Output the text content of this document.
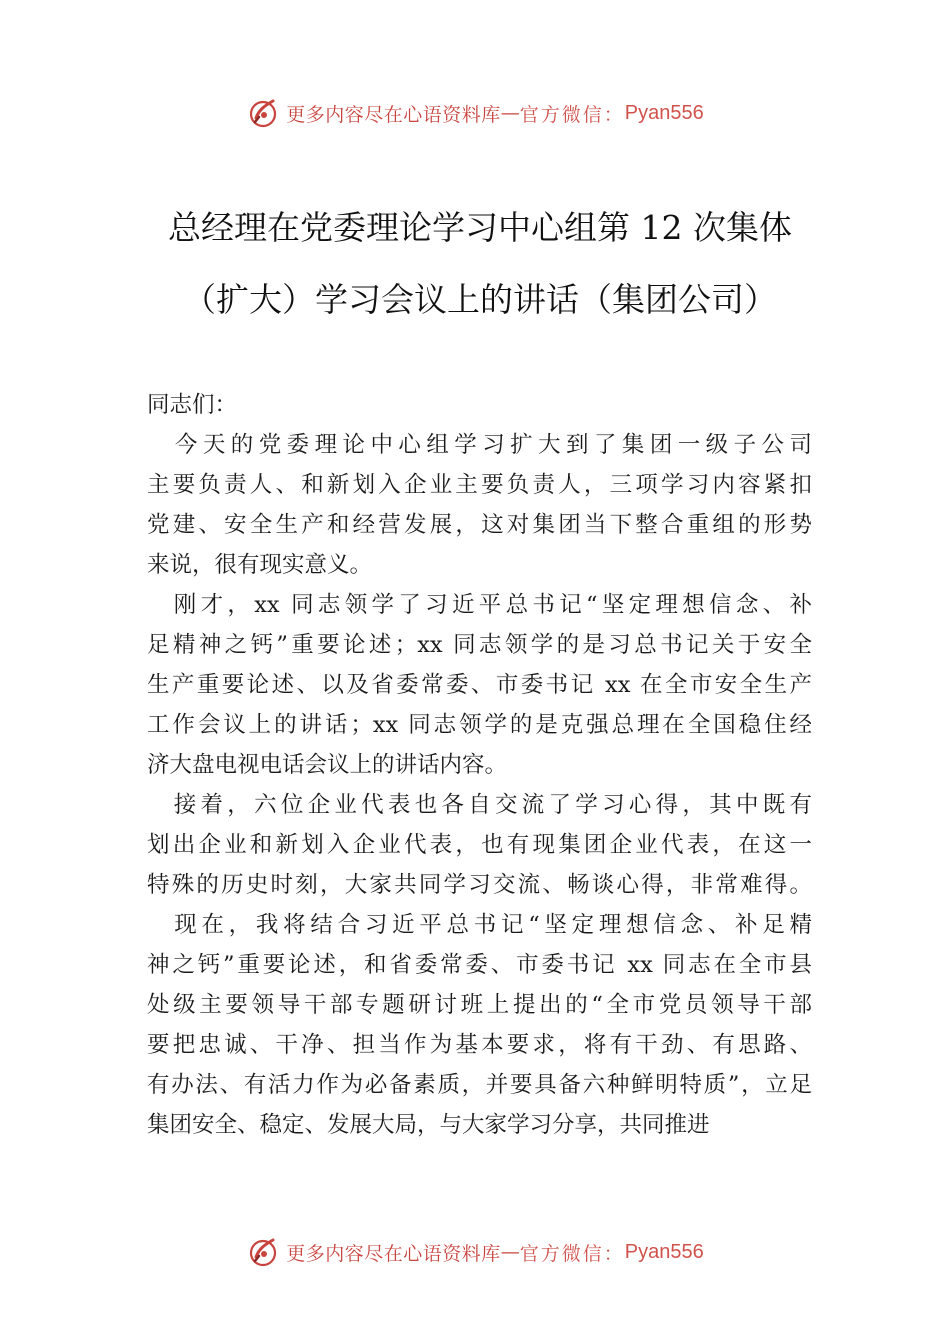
更多内容尽在心语资料库 — 官方微信： Pyan556
总经理在党委理论学习中心组第 12 次集体
（扩大）学习会议上的讲话（集团公司）
同志们：
　今天的党委理论中心组学习扩大到了集团一级子公司
主要负责人、和新划入企业主要负责人，三项学习内容紧扣
党建、安全生产和经营发展，这对集团当下整合重组的形势
来说，很有现实意义。
　刚才，xx 同志领学了习近平总书记“坚定理想信念、补
足精神之钙”重要论述；xx 同志领学的是习总书记关于安全
生产重要论述、以及省委常委、市委书记 xx 在全市安全生产
工作会议上的讲话；xx 同志领学的是克强总理在全国稳住经
济大盘电视电话会议上的讲话内容。
　接着，六位企业代表也各自交流了学习心得，其中既有
划出企业和新划入企业代表，也有现集团企业代表，在这一
特殊的历史时刻，大家共同学习交流、畅谈心得，非常难得。
　现在，我将结合习近平总书记“坚定理想信念、补足精
神之钙”重要论述，和省委常委、市委书记 xx 同志在全市县
处级主要领导干部专题研讨班上提出的“全市党员领导干部
要把忠诚、干净、担当作为基本要求，将有干劲、有思路、
有办法、有活力作为必备素质，并要具备六种鲜明特质”，立足
集团安全、稳定、发展大局，与大家学习分享，共同推进
更多内容尽在心语资料库 — 官方微信： Pyan556
